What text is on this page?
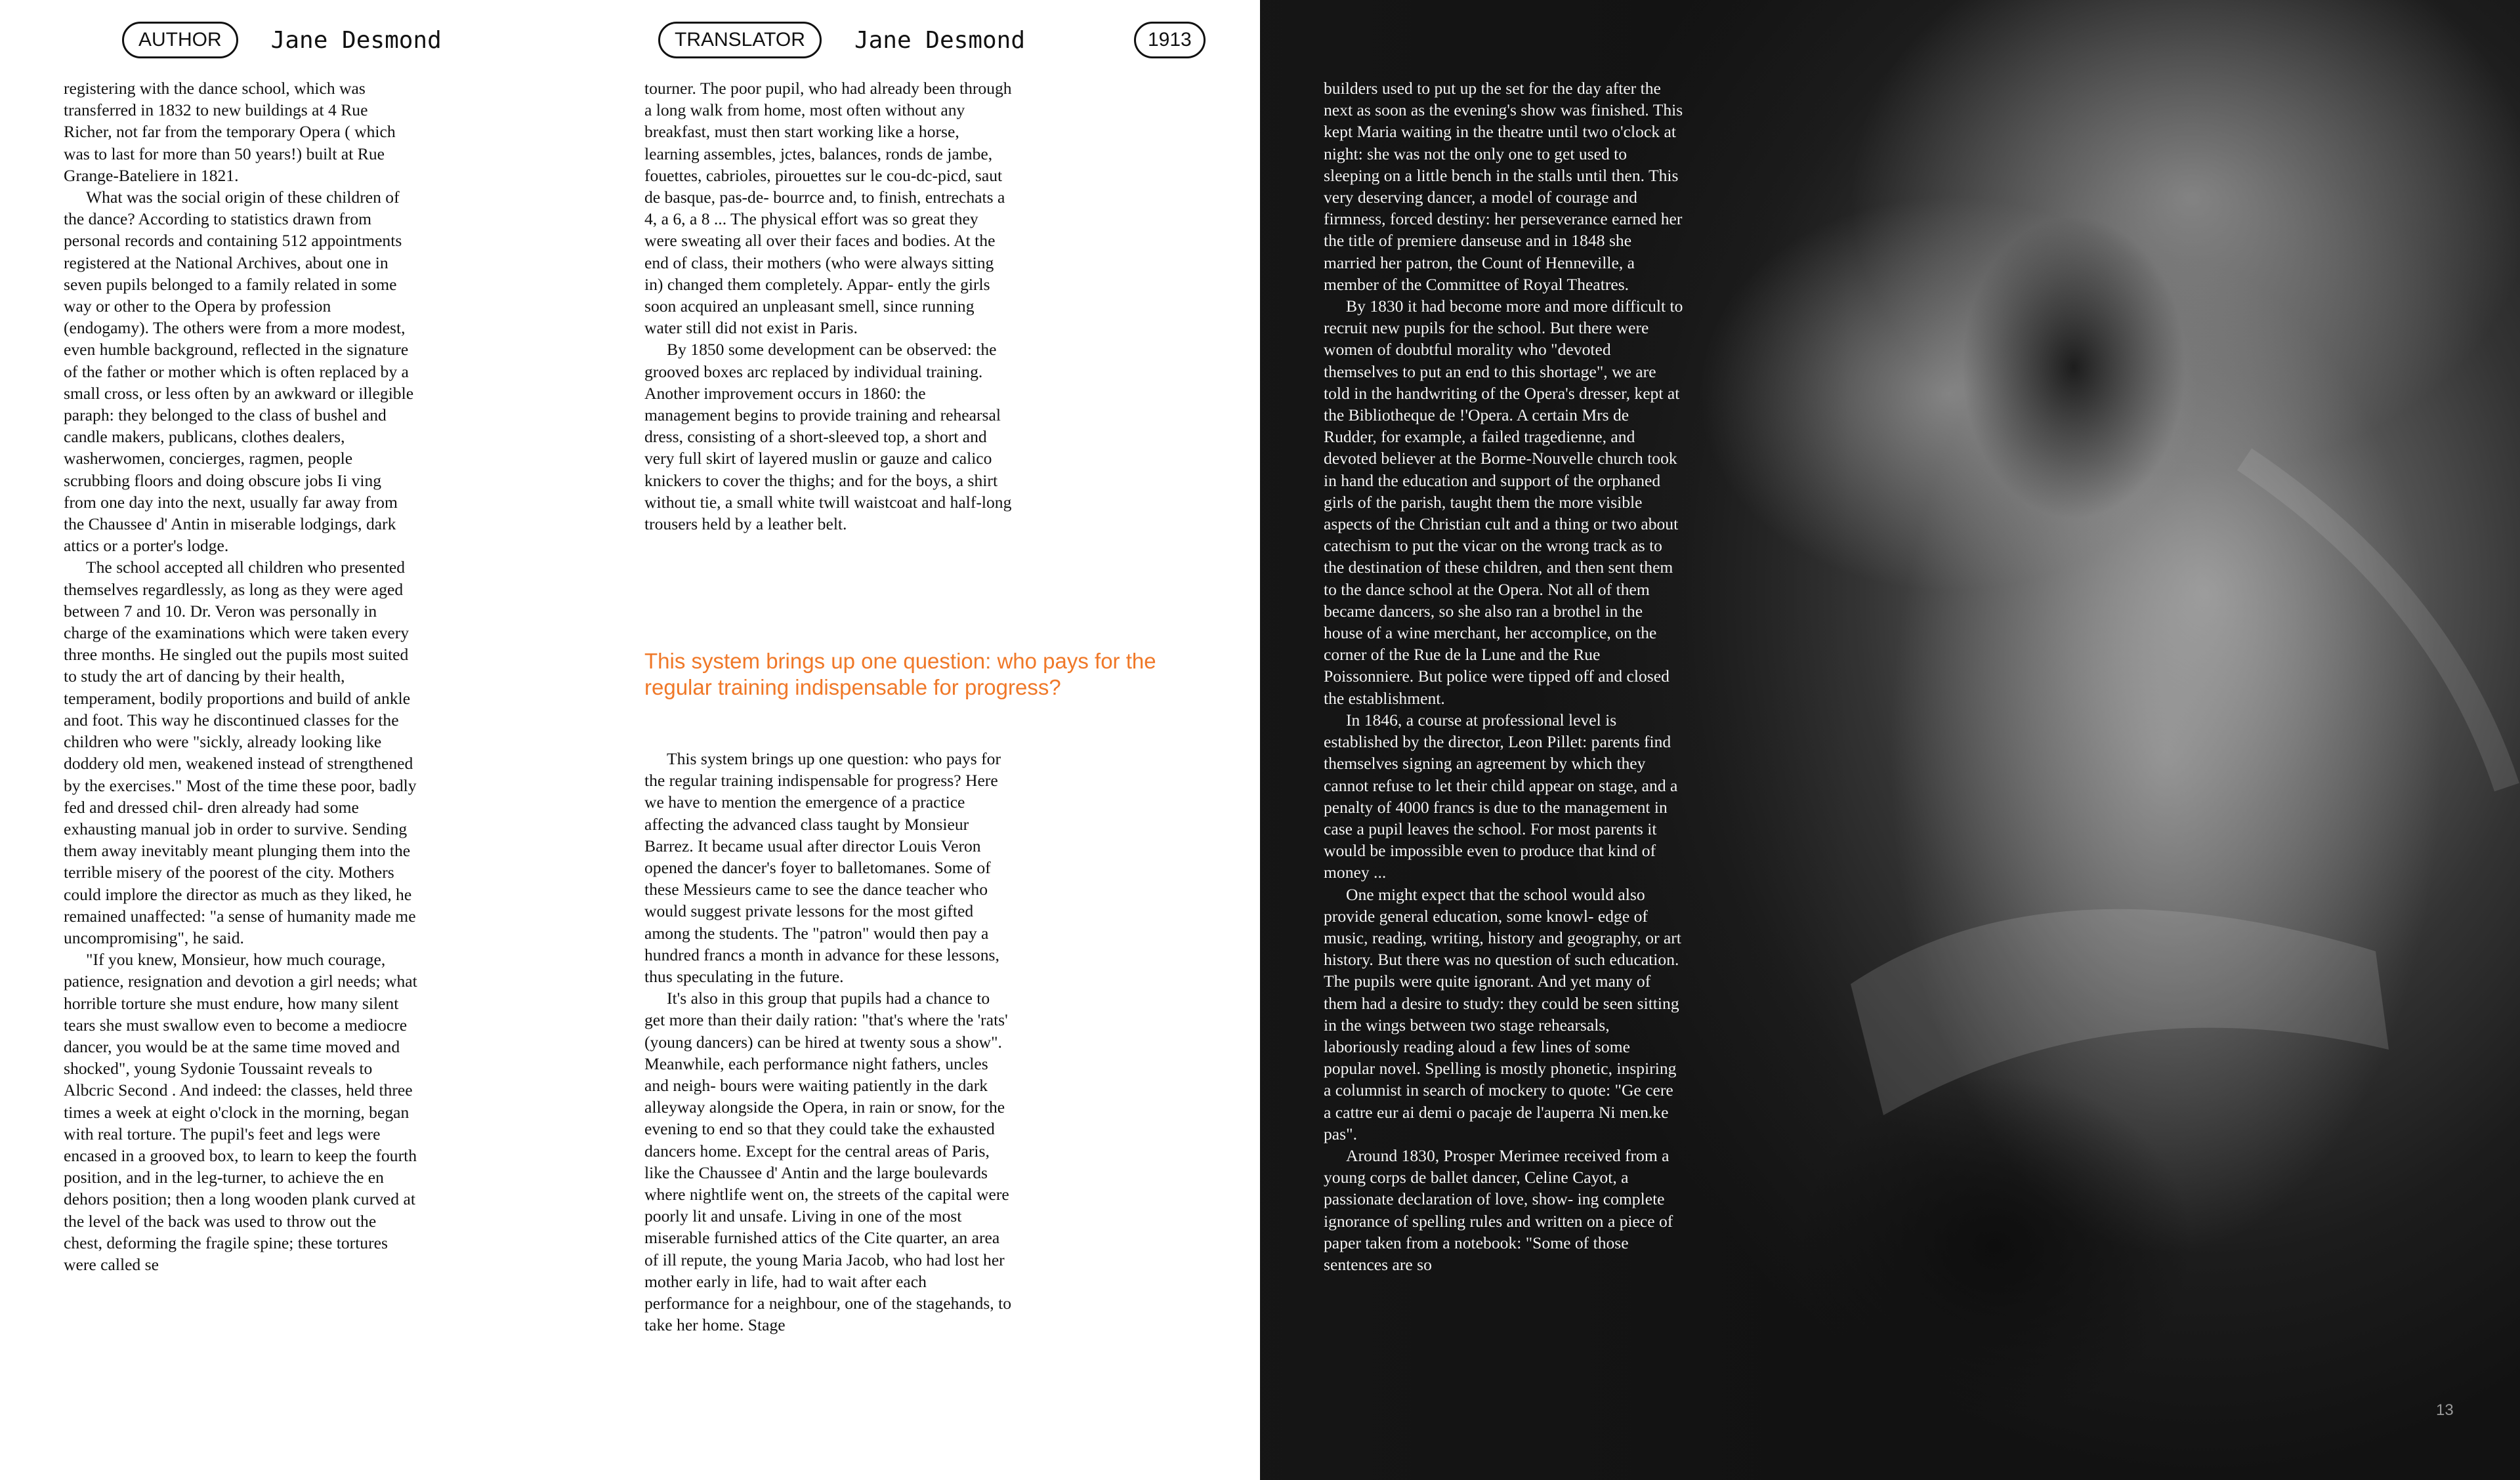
AUTHOR	Jane Desmond	TRANSLATOR	Jane Desmond	1913

registering with the dance school, which was transferred in 1832 to new buildings at 4 Rue Richer, not far from the temporary Opera ( which was to last for more than 50 years!) built at Rue Grange-Bateliere in 1821.

What was the social origin of these children of the dance? According to statistics drawn from personal records and containing 512 appointments registered at the National Archives, about one in seven pupils belonged to a family related in some way or other to the Opera by profession (endogamy). The others were from a more modest, even humble background, reflected in the signature of the father or mother which is often replaced by a small cross, or less often by an awkward or illegible paraph: they belonged to the class of bushel and candle makers, publicans, clothes dealers, washerwomen, concierges, ragmen, people scrubbing floors and doing obscure jobs Ii ving from one day into the next, usually far away from the Chaussee d' Antin in miserable lodgings, dark attics or a porter's lodge.

The school accepted all children who presented themselves regardlessly, as long as they were aged between 7 and 10. Dr. Veron was personally in charge of the examinations which were taken every three months. He singled out the pupils most suited to study the art of dancing by their health, temperament, bodily proportions and build of ankle and foot. This way he discontinued classes for the children who were "sickly, already looking like doddery old men, weakened instead of strengthened by the exercises." Most of the time these poor, badly fed and dressed chil- dren already had some exhausting manual job in order to survive. Sending them away inevitably meant plunging them into the terrible misery of the poorest of the city. Mothers could implore the director as much as they liked, he remained unaffected: "a sense of humanity made me uncompromising", he said.

"If you knew, Monsieur, how much courage, patience, resignation and devotion a girl needs; what horrible torture she must endure, how many silent tears she must swallow even to become a mediocre dancer, you would be at the same time moved and shocked", young Sydonie Toussaint reveals to Albcric Second . And indeed: the classes, held three times a week at eight o'clock in the morning, began with real torture. The pupil's feet and legs were encased in a grooved box, to learn to keep the fourth position, and in the leg-turner, to achieve the en dehors position; then a long wooden plank curved at the level of the back was used to throw out the chest, deforming the fragile spine; these tortures were called se

tourner. The poor pupil, who had already been through a long walk from home, most often without any breakfast, must then start working like a horse, learning assembles, jctes, balances, ronds de jambe, fouettes, cabrioles, pirouettes sur le cou-dc-picd, saut de basque, pas-de- bourrce and, to finish, entrechats a 4, a 6, a 8 ... The physical effort was so great they were sweating all over their faces and bodies. At the end of class, their mothers (who were always sitting in) changed them completely. Appar- ently the girls soon acquired an unpleasant smell, since running water still did not exist in Paris.

By 1850 some development can be observed: the grooved boxes arc replaced by individual training. Another improvement occurs in 1860: the management begins to provide training and rehearsal dress, consisting of a short-sleeved top, a short and very full skirt of layered muslin or gauze and calico knickers to cover the thighs; and for the boys, a shirt without tie, a small white twill waistcoat and half-long trousers held by a leather belt.

This system brings up one question: who pays for the regular training indispensable for progress?

This system brings up one question: who pays for the regular training indispensable for progress? Here we have to mention the emergence of a practice affecting the advanced class taught by Monsieur Barrez. It became usual after director Louis Veron opened the dancer's foyer to balletomanes. Some of these Messieurs came to see the dance teacher who would suggest private lessons for the most gifted among the students. The "patron" would then pay a hundred francs a month in advance for these lessons, thus speculating in the future.

It's also in this group that pupils had a chance to get more than their daily ration: "that's where the 'rats' (young dancers) can be hired at twenty sous a show". Meanwhile, each performance night fathers, uncles and neigh- bours were waiting patiently in the dark alleyway alongside the Opera, in rain or snow, for the evening to end so that they could take the exhausted dancers home. Except for the central areas of Paris, like the Chaussee d' Antin and the large boulevards where nightlife went on, the streets of the capital were poorly lit and unsafe. Living in one of the most miserable furnished attics of the Cite quarter, an area of ill repute, the young Maria Jacob, who had lost her mother early in life, had to wait after each performance for a neighbour, one of the stagehands, to take her home. Stage

builders used to put up the set for the day after the next as soon as the evening's show was finished. This kept Maria waiting in the theatre until two o'clock at night: she was not the only one to get used to sleeping on a little bench in the stalls until then. This very deserving dancer, a model of courage and firmness, forced destiny: her perseverance earned her the title of premiere danseuse and in 1848 she married her patron, the Count of Henneville, a member of the Committee of Royal Theatres.

By 1830 it had become more and more difficult to recruit new pupils for the school. But there were women of doubtful morality who "devoted themselves to put an end to this shortage", we are told in the handwriting of the Opera's dresser, kept at the Bibliotheque de !'Opera. A certain Mrs de Rudder, for example, a failed tragedienne, and devoted believer at the Borme-Nouvelle church took in hand the education and support of the orphaned girls of the parish, taught them the more visible aspects of the Christian cult and a thing or two about catechism to put the vicar on the wrong track as to the destination of these children, and then sent them to the dance school at the Opera. Not all of them became dancers, so she also ran a brothel in the house of a wine merchant, her accomplice, on the corner of the Rue de la Lune and the Rue Poissonniere. But police were tipped off and closed the establishment.

In 1846, a course at professional level is established by the director, Leon Pillet: parents find themselves signing an agreement by which they cannot refuse to let their child appear on stage, and a penalty of 4000 francs is due to the management in case a pupil leaves the school. For most parents it would be impossible even to produce that kind of money ...

One might expect that the school would also provide general education, some knowl- edge of music, reading, writing, history and geography, or art history. But there was no question of such education. The pupils were quite ignorant. And yet many of them had a desire to study: they could be seen sitting in the wings between two stage rehearsals, laboriously reading aloud a few lines of some popular novel. Spelling is mostly phonetic, inspiring a columnist in search of mockery to quote: "Ge cere a cattre eur ai demi o pacaje de l'auperra Ni men.ke pas".

Around 1830, Prosper Merimee received from a young corps de ballet dancer, Celine Cayot, a passionate declaration of love, show- ing complete ignorance of spelling rules and written on a piece of paper taken from a notebook: "Some of those sentences are so

13
